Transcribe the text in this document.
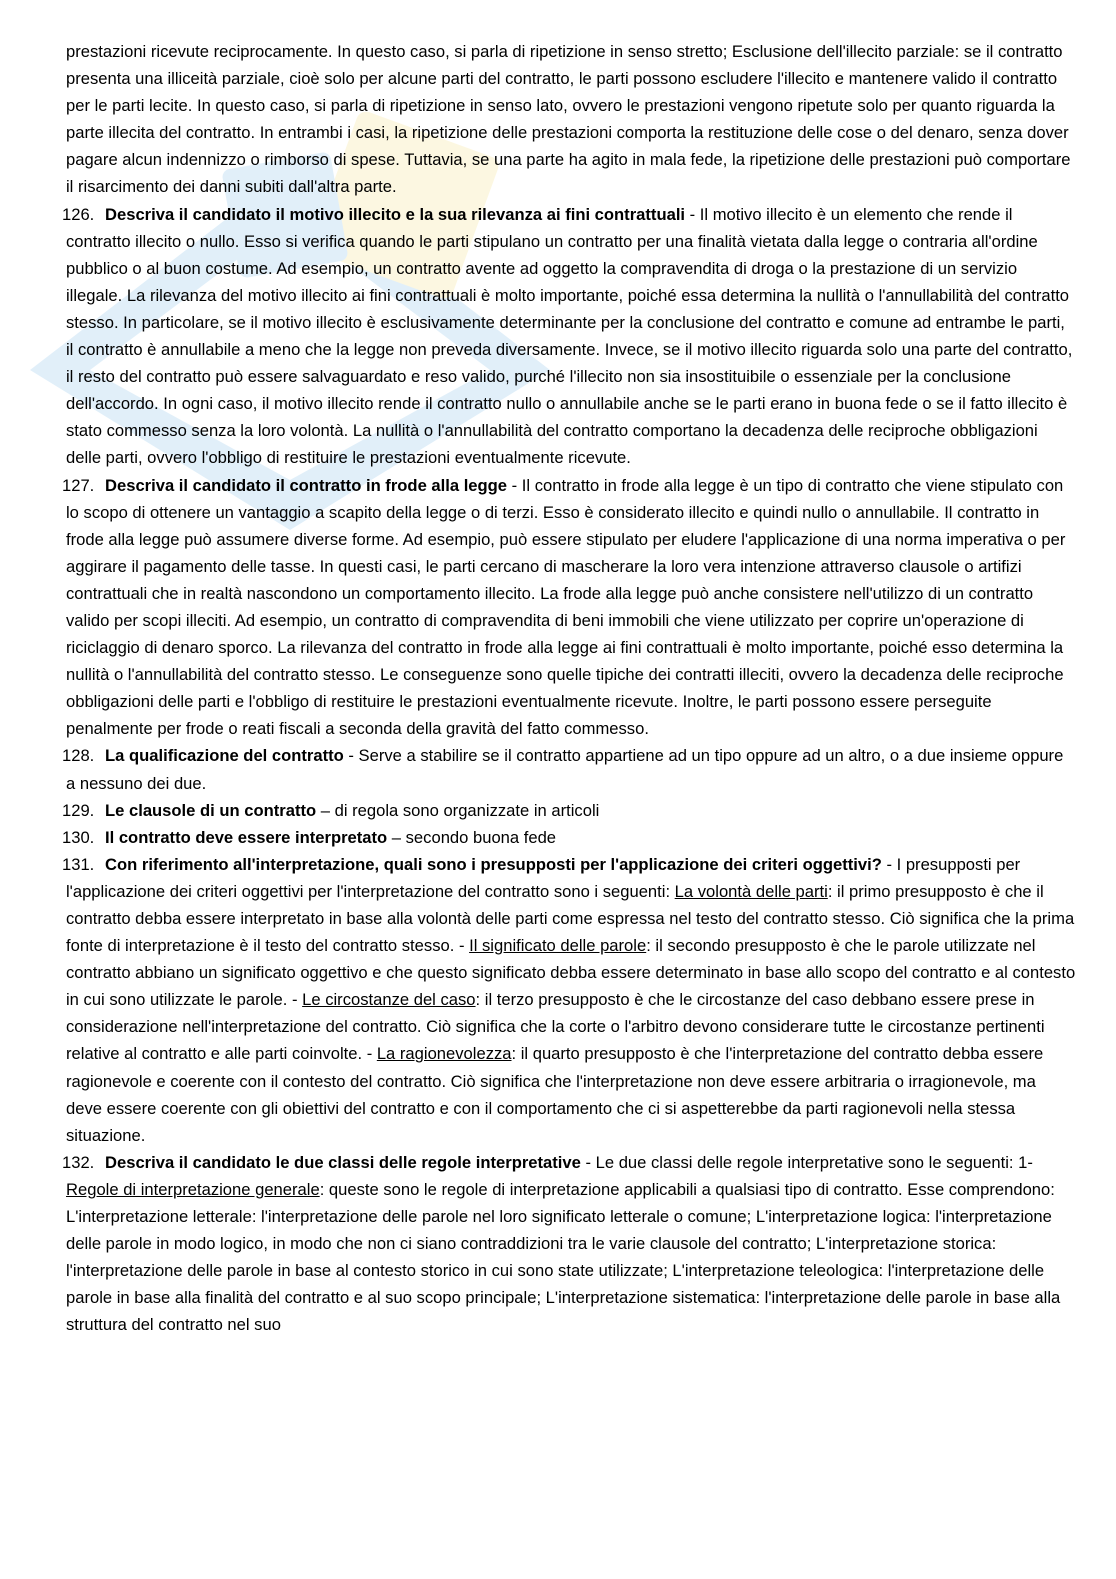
prestazioni ricevute reciprocamente. In questo caso, si parla di ripetizione in senso stretto; Esclusione dell'illecito parziale: se il contratto presenta una illiceità parziale, cioè solo per alcune parti del contratto, le parti possono escludere l'illecito e mantenere valido il contratto per le parti lecite. In questo caso, si parla di ripetizione in senso lato, ovvero le prestazioni vengono ripetute solo per quanto riguarda la parte illecita del contratto. In entrambi i casi, la ripetizione delle prestazioni comporta la restituzione delle cose o del denaro, senza dover pagare alcun indennizzo o rimborso di spese. Tuttavia, se una parte ha agito in mala fede, la ripetizione delle prestazioni può comportare il risarcimento dei danni subiti dall'altra parte.

126. Descriva il candidato il motivo illecito e la sua rilevanza ai fini contrattuali - Il motivo illecito è un elemento che rende il contratto illecito o nullo. Esso si verifica quando le parti stipulano un contratto per una finalità vietata dalla legge o contraria all'ordine pubblico o al buon costume. Ad esempio, un contratto avente ad oggetto la compravendita di droga o la prestazione di un servizio illegale. La rilevanza del motivo illecito ai fini contrattuali è molto importante, poiché essa determina la nullità o l'annullabilità del contratto stesso. In particolare, se il motivo illecito è esclusivamente determinante per la conclusione del contratto e comune ad entrambe le parti, il contratto è annullabile a meno che la legge non preveda diversamente. Invece, se il motivo illecito riguarda solo una parte del contratto, il resto del contratto può essere salvaguardato e reso valido, purché l'illecito non sia insostituibile o essenziale per la conclusione dell'accordo. In ogni caso, il motivo illecito rende il contratto nullo o annullabile anche se le parti erano in buona fede o se il fatto illecito è stato commesso senza la loro volontà. La nullità o l'annullabilità del contratto comportano la decadenza delle reciproche obbligazioni delle parti, ovvero l'obbligo di restituire le prestazioni eventualmente ricevute.

127. Descriva il candidato il contratto in frode alla legge - Il contratto in frode alla legge è un tipo di contratto che viene stipulato con lo scopo di ottenere un vantaggio a scapito della legge o di terzi. Esso è considerato illecito e quindi nullo o annullabile. Il contratto in frode alla legge può assumere diverse forme. Ad esempio, può essere stipulato per eludere l'applicazione di una norma imperativa o per aggirare il pagamento delle tasse. In questi casi, le parti cercano di mascherare la loro vera intenzione attraverso clausole o artifizi contrattuali che in realtà nascondono un comportamento illecito. La frode alla legge può anche consistere nell'utilizzo di un contratto valido per scopi illeciti. Ad esempio, un contratto di compravendita di beni immobili che viene utilizzato per coprire un'operazione di riciclaggio di denaro sporco. La rilevanza del contratto in frode alla legge ai fini contrattuali è molto importante, poiché esso determina la nullità o l'annullabilità del contratto stesso. Le conseguenze sono quelle tipiche dei contratti illeciti, ovvero la decadenza delle reciproche obbligazioni delle parti e l'obbligo di restituire le prestazioni eventualmente ricevute. Inoltre, le parti possono essere perseguite penalmente per frode o reati fiscali a seconda della gravità del fatto commesso.

128. La qualificazione del contratto - Serve a stabilire se il contratto appartiene ad un tipo oppure ad un altro, o a due insieme oppure a nessuno dei due.

129. Le clausole di un contratto – di regola sono organizzate in articoli

130. Il contratto deve essere interpretato – secondo buona fede

131. Con riferimento all'interpretazione, quali sono i presupposti per l'applicazione dei criteri oggettivi? - I presupposti per l'applicazione dei criteri oggettivi per l'interpretazione del contratto sono i seguenti: La volontà delle parti: il primo presupposto è che il contratto debba essere interpretato in base alla volontà delle parti come espressa nel testo del contratto stesso. Ciò significa che la prima fonte di interpretazione è il testo del contratto stesso. - Il significato delle parole: il secondo presupposto è che le parole utilizzate nel contratto abbiano un significato oggettivo e che questo significato debba essere determinato in base allo scopo del contratto e al contesto in cui sono utilizzate le parole. - Le circostanze del caso: il terzo presupposto è che le circostanze del caso debbano essere prese in considerazione nell'interpretazione del contratto. Ciò significa che la corte o l'arbitro devono considerare tutte le circostanze pertinenti relative al contratto e alle parti coinvolte. - La ragionevolezza: il quarto presupposto è che l'interpretazione del contratto debba essere ragionevole e coerente con il contesto del contratto. Ciò significa che l'interpretazione non deve essere arbitraria o irragionevole, ma deve essere coerente con gli obiettivi del contratto e con il comportamento che ci si aspetterebbe da parti ragionevoli nella stessa situazione.

132. Descriva il candidato le due classi delle regole interpretative - Le due classi delle regole interpretative sono le seguenti: 1- Regole di interpretazione generale: queste sono le regole di interpretazione applicabili a qualsiasi tipo di contratto. Esse comprendono: L'interpretazione letterale: l'interpretazione delle parole nel loro significato letterale o comune; L'interpretazione logica: l'interpretazione delle parole in modo logico, in modo che non ci siano contraddizioni tra le varie clausole del contratto; L'interpretazione storica: l'interpretazione delle parole in base al contesto storico in cui sono state utilizzate; L'interpretazione teleologica: l'interpretazione delle parole in base alla finalità del contratto e al suo scopo principale; L'interpretazione sistematica: l'interpretazione delle parole in base alla struttura del contratto nel suo
